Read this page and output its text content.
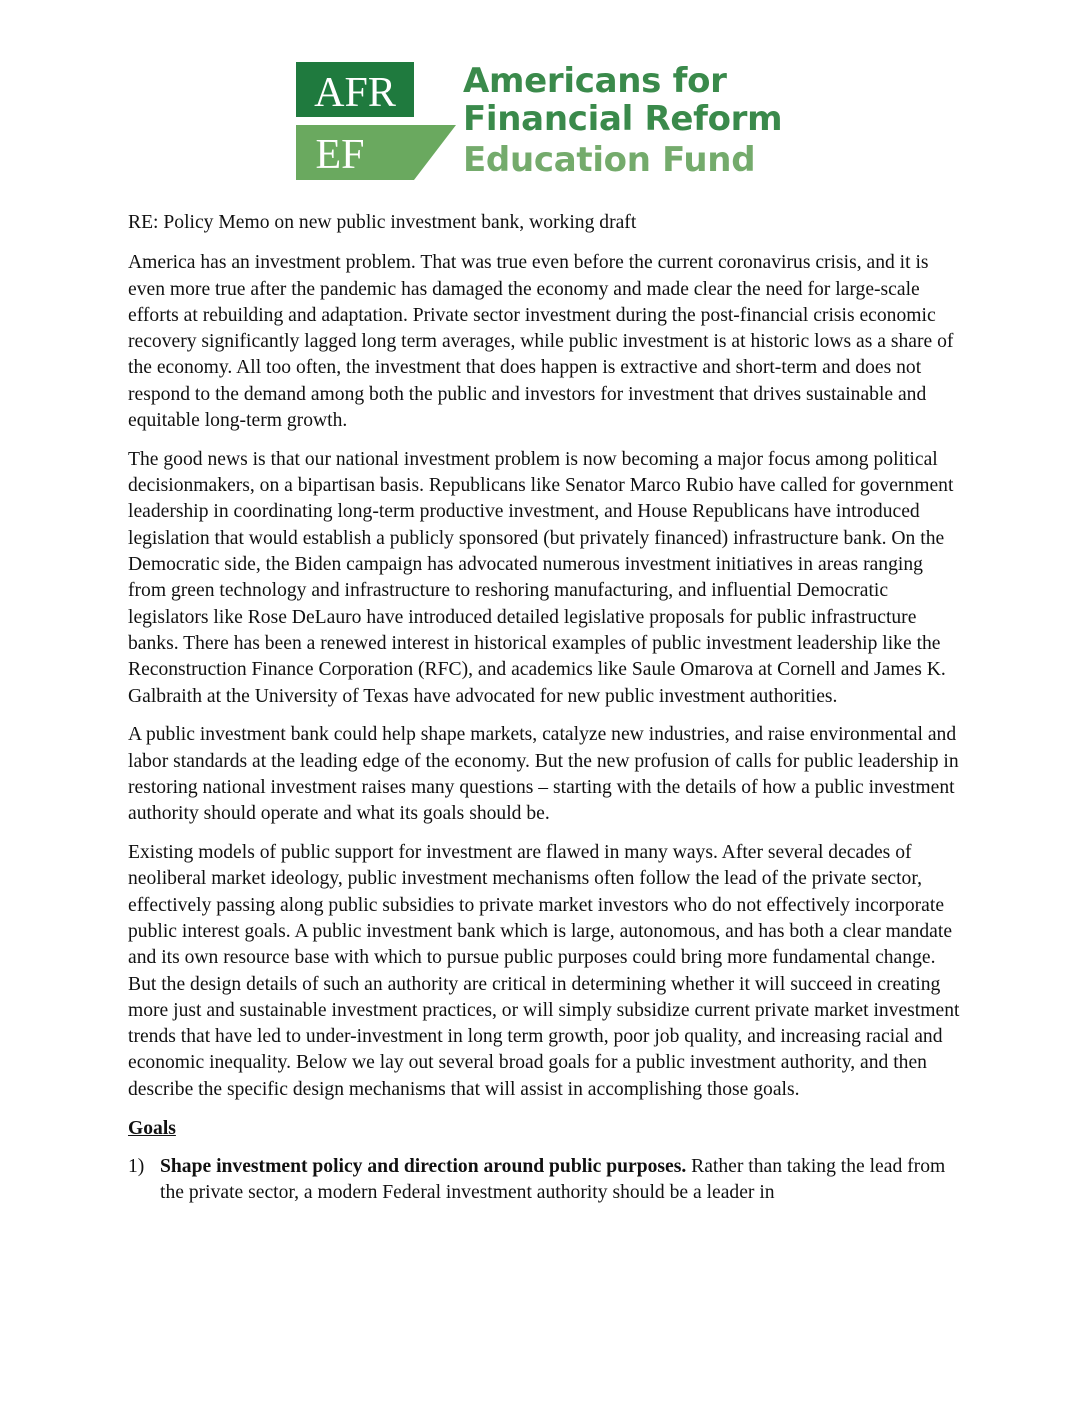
AFR
EF
Americans for
Financial Reform
Education Fund

RE: Policy Memo on new public investment bank, working draft

America has an investment problem. That was true even before the current coronavirus crisis, and it is even more true after the pandemic has damaged the economy and made clear the need for large-scale efforts at rebuilding and adaptation. Private sector investment during the post-financial crisis economic recovery significantly lagged long term averages, while public investment is at historic lows as a share of the economy. All too often, the investment that does happen is extractive and short-term and does not respond to the demand among both the public and investors for investment that drives sustainable and equitable long-term growth.

The good news is that our national investment problem is now becoming a major focus among political decisionmakers, on a bipartisan basis. Republicans like Senator Marco Rubio have called for government leadership in coordinating long-term productive investment, and House Republicans have introduced legislation that would establish a publicly sponsored (but privately financed) infrastructure bank. On the Democratic side, the Biden campaign has advocated numerous investment initiatives in areas ranging from green technology and infrastructure to reshoring manufacturing, and influential Democratic legislators like Rose DeLauro have introduced detailed legislative proposals for public infrastructure banks. There has been a renewed interest in historical examples of public investment leadership like the Reconstruction Finance Corporation (RFC), and academics like Saule Omarova at Cornell and James K. Galbraith at the University of Texas have advocated for new public investment authorities.

A public investment bank could help shape markets, catalyze new industries, and raise environmental and labor standards at the leading edge of the economy. But the new profusion of calls for public leadership in restoring national investment raises many questions – starting with the details of how a public investment authority should operate and what its goals should be.

Existing models of public support for investment are flawed in many ways. After several decades of neoliberal market ideology, public investment mechanisms often follow the lead of the private sector, effectively passing along public subsidies to private market investors who do not effectively incorporate public interest goals. A public investment bank which is large, autonomous, and has both a clear mandate and its own resource base with which to pursue public purposes could bring more fundamental change. But the design details of such an authority are critical in determining whether it will succeed in creating more just and sustainable investment practices, or will simply subsidize current private market investment trends that have led to under-investment in long term growth, poor job quality, and increasing racial and economic inequality. Below we lay out several broad goals for a public investment authority, and then describe the specific design mechanisms that will assist in accomplishing those goals.

Goals

1) Shape investment policy and direction around public purposes. Rather than taking the lead from the private sector, a modern Federal investment authority should be a leader in
